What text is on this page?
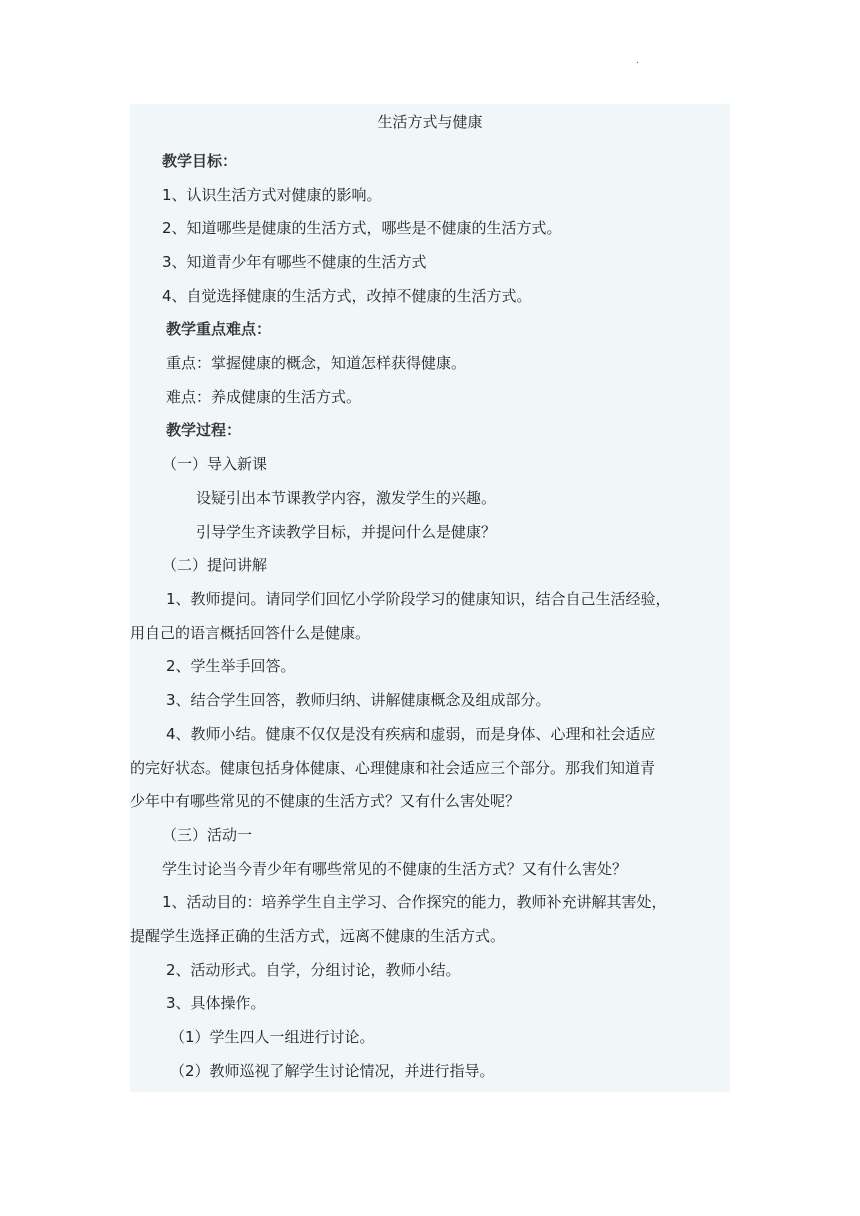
.
生活方式与健康
教学目标：
1、认识生活方式对健康的影响。
2、知道哪些是健康的生活方式，哪些是不健康的生活方式。
3、知道青少年有哪些不健康的生活方式
4、自觉选择健康的生活方式，改掉不健康的生活方式。
教学重点难点：
重点：掌握健康的概念，知道怎样获得健康。
难点：养成健康的生活方式。
教学过程：
（一）导入新课
设疑引出本节课教学内容，激发学生的兴趣。
引导学生齐读教学目标，并提问什么是健康？
（二）提问讲解
1、教师提问。请同学们回忆小学阶段学习的健康知识，结合自己生活经验，
用自己的语言概括回答什么是健康。
2、学生举手回答。
3、结合学生回答，教师归纳、讲解健康概念及组成部分。
4、教师小结。健康不仅仅是没有疾病和虚弱，而是身体、心理和社会适应
的完好状态。健康包括身体健康、心理健康和社会适应三个部分。那我们知道青
少年中有哪些常见的不健康的生活方式？又有什么害处呢？
（三）活动一
学生讨论当今青少年有哪些常见的不健康的生活方式？又有什么害处？
1、活动目的：培养学生自主学习、合作探究的能力，教师补充讲解其害处，
提醒学生选择正确的生活方式，远离不健康的生活方式。
2、活动形式。自学，分组讨论，教师小结。
3、具体操作。
（1）学生四人一组进行讨论。
（2）教师巡视了解学生讨论情况，并进行指导。
